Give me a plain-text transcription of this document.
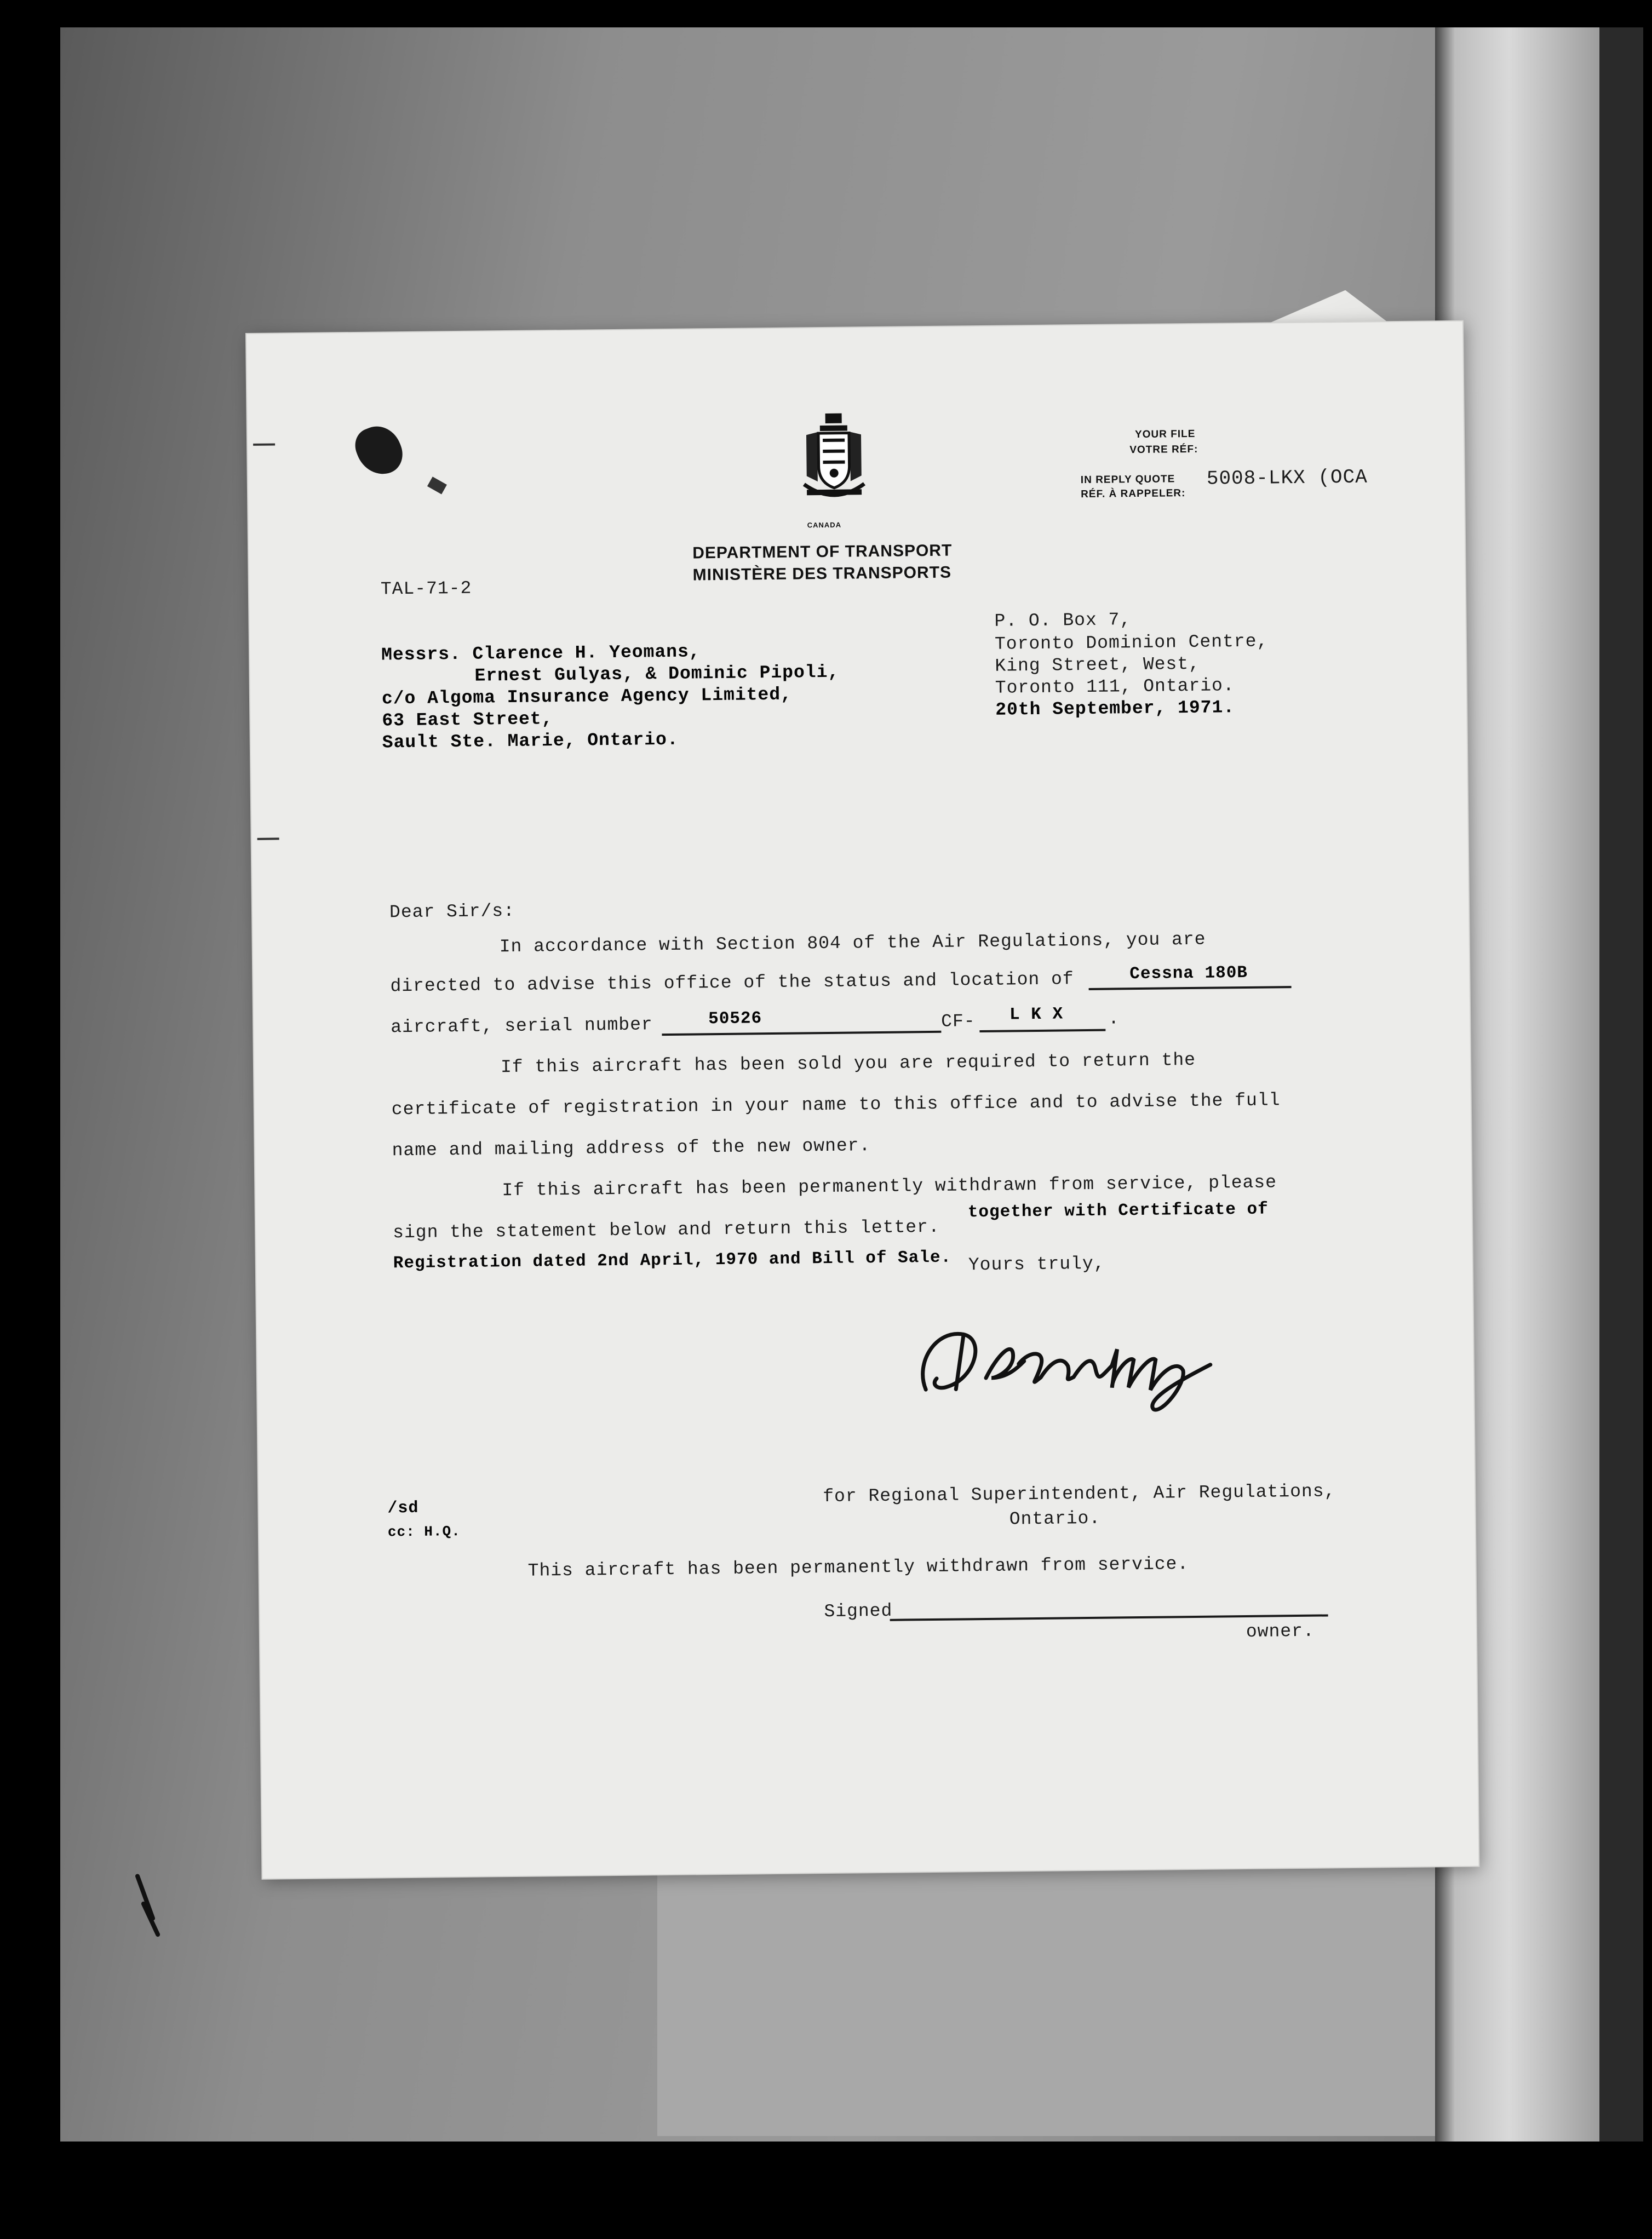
CANADA
DEPARTMENT OF TRANSPORT
MINISTÈRE DES TRANSPORTS
YOUR FILE
VOTRE RÉF:
IN REPLY QUOTE
RÉF. À RAPPELER:
5008-LKX (OCA
TAL-71-2
Messrs. Clarence H. Yeomans,
Ernest Gulyas, & Dominic Pipoli,
c/o Algoma Insurance Agency Limited,
63 East Street,
Sault Ste. Marie, Ontario.
P. O. Box 7,
Toronto Dominion Centre,
King Street, West,
Toronto 111, Ontario.
20th September, 1971.
Dear Sir/s:
In accordance with Section 804 of the Air Regulations, you are
directed to advise this office of the status and location of	Cessna 180B
aircraft, serial number	50526	CF- L K X .
If this aircraft has been sold you are required to return the
certificate of registration in your name to this office and to advise the full
name and mailing address of the new owner.
If this aircraft has been permanently withdrawn from service, please
sign the statement below and return this letter.
together with Certificate of
Registration dated 2nd April, 1970 and Bill of Sale. Yours truly,
for Regional Superintendent, Air Regulations,
Ontario.
/sd
cc: H.Q.
This aircraft has been permanently withdrawn from service.
Signed
owner.
